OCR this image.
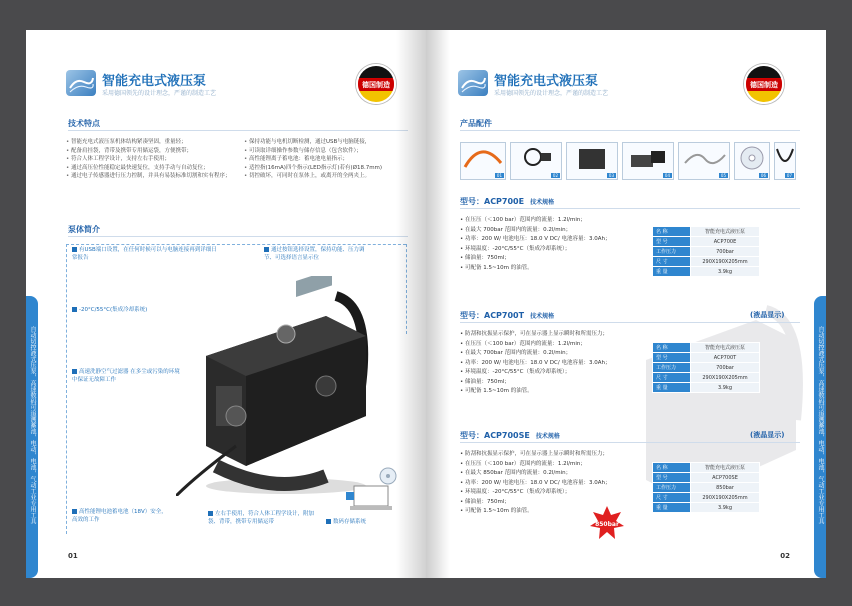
智能充电式液压泵
采用德国领先的设计理念，严谨的制造工艺
德国制造
技术特点
• 智能充电式液压泵机体结构紧凑坚固，重量轻；
• 配备肩挂袋，背带及携带专用储运袋，方便携带；
• 符合人体工程学设计，支持左右手使用；
• 通过高压位性能稳定最快速复位，支持手动与自动复位；
• 通过电子传感器进行压力控制，并具有易装标准切割和实有程序；
• 保持功能与电机切断检测，通过USB与电脑链接，
• 可读取详细操作参数与储存信息（包含软件）；
• 高性能锂离子蓄电池：蓄电池电量指示；
• 适控指(16mA)四个指示(LED指示灯)若有(Ø18.7mm)
• 切控破坏，可同时在泵体上，或离开的全两夹上。
泵体简介
有USB端口设置，在任何时候可以与电脑连接再到详细日常报告
通过按钮选择设置，保持功能、压力调节、可选择语言显示位
-20°C/55°C(集成冷却系统)
高速洗静空气过滤器 在多尘或污染的环境中保证无故障工作
高性能锂电池蓄电池（18V）安全，高效的工作
左右手使用，符合人体工程学设计，附加袋、背带，携带专用储运带	数码存储系统
自动切控液式压泵，高速数码可追溯蓄池，电动，电池，气动工业专用工具
01
智能充电式液压泵
采用德国领先的设计理念，严谨的制造工艺
德国制造
产品配件
01	02	03	04	05	06	07
型号：ACP700E 技术规格
• 在压压（＜100 bar）范围内的流量：1.2l/min；
• 在最大 700bar 范围内的流量：0.2l/min；
• 功率：200 W/ 电池电压：18.0 V DC/ 电池容量：3.0Ah；
• 环境温度：-20°C/55°C（集成冷却系统）；
• 储油量：750ml；
• 可配备 1.5~10m 的油管。
名 称	智能充电式液压泵
型 号	ACP700E
工作压力	700bar
尺 寸	290X190X205mm
重 量	3.9kg
型号：ACP700T 技术规格	(液晶显示)
• 防刮和抗振显示保护，可在显示器上显示瞬时和所需压力；
• 在压压（＜100 bar）范围内的流量：1.2l/min；
• 在最大 700bar 范围内的流量：0.2l/min；
• 功率：200 W/ 电池电压：18.0 V DC/ 电池容量：3.0Ah；
• 环境温度：-20°C/55°C（集成冷却系统）；
• 储油量：750ml；
• 可配备 1.5~10m 的油管。
名 称	智能充电式液压泵
型 号	ACP700T
工作压力	700bar
尺 寸	290X190X205mm
重 量	3.9kg
型号：ACP700SE 技术规格	(液晶显示)
• 防刮和抗振显示保护，可在显示器上显示瞬时和所需压力；
• 在压压（＜100 bar）范围内的流量：1.2l/min；
• 在最大 850bar 范围内的流量：0.2l/min；
• 功率：200 W/ 电池电压：18.0 V DC/ 电池容量：3.0Ah；
• 环境温度：-20°C/55°C（集成冷却系统）；
• 储油量：750ml；
• 可配备 1.5~10m 的油管。
名 称	智能充电式液压泵
型 号	ACP700SE
工作压力	850bar
尺 寸	290X190X205mm
重 量	3.9kg
850bar
自动切控液式压泵，高速数码可追溯蓄池，电动，电池，气动工业专用工具
02
